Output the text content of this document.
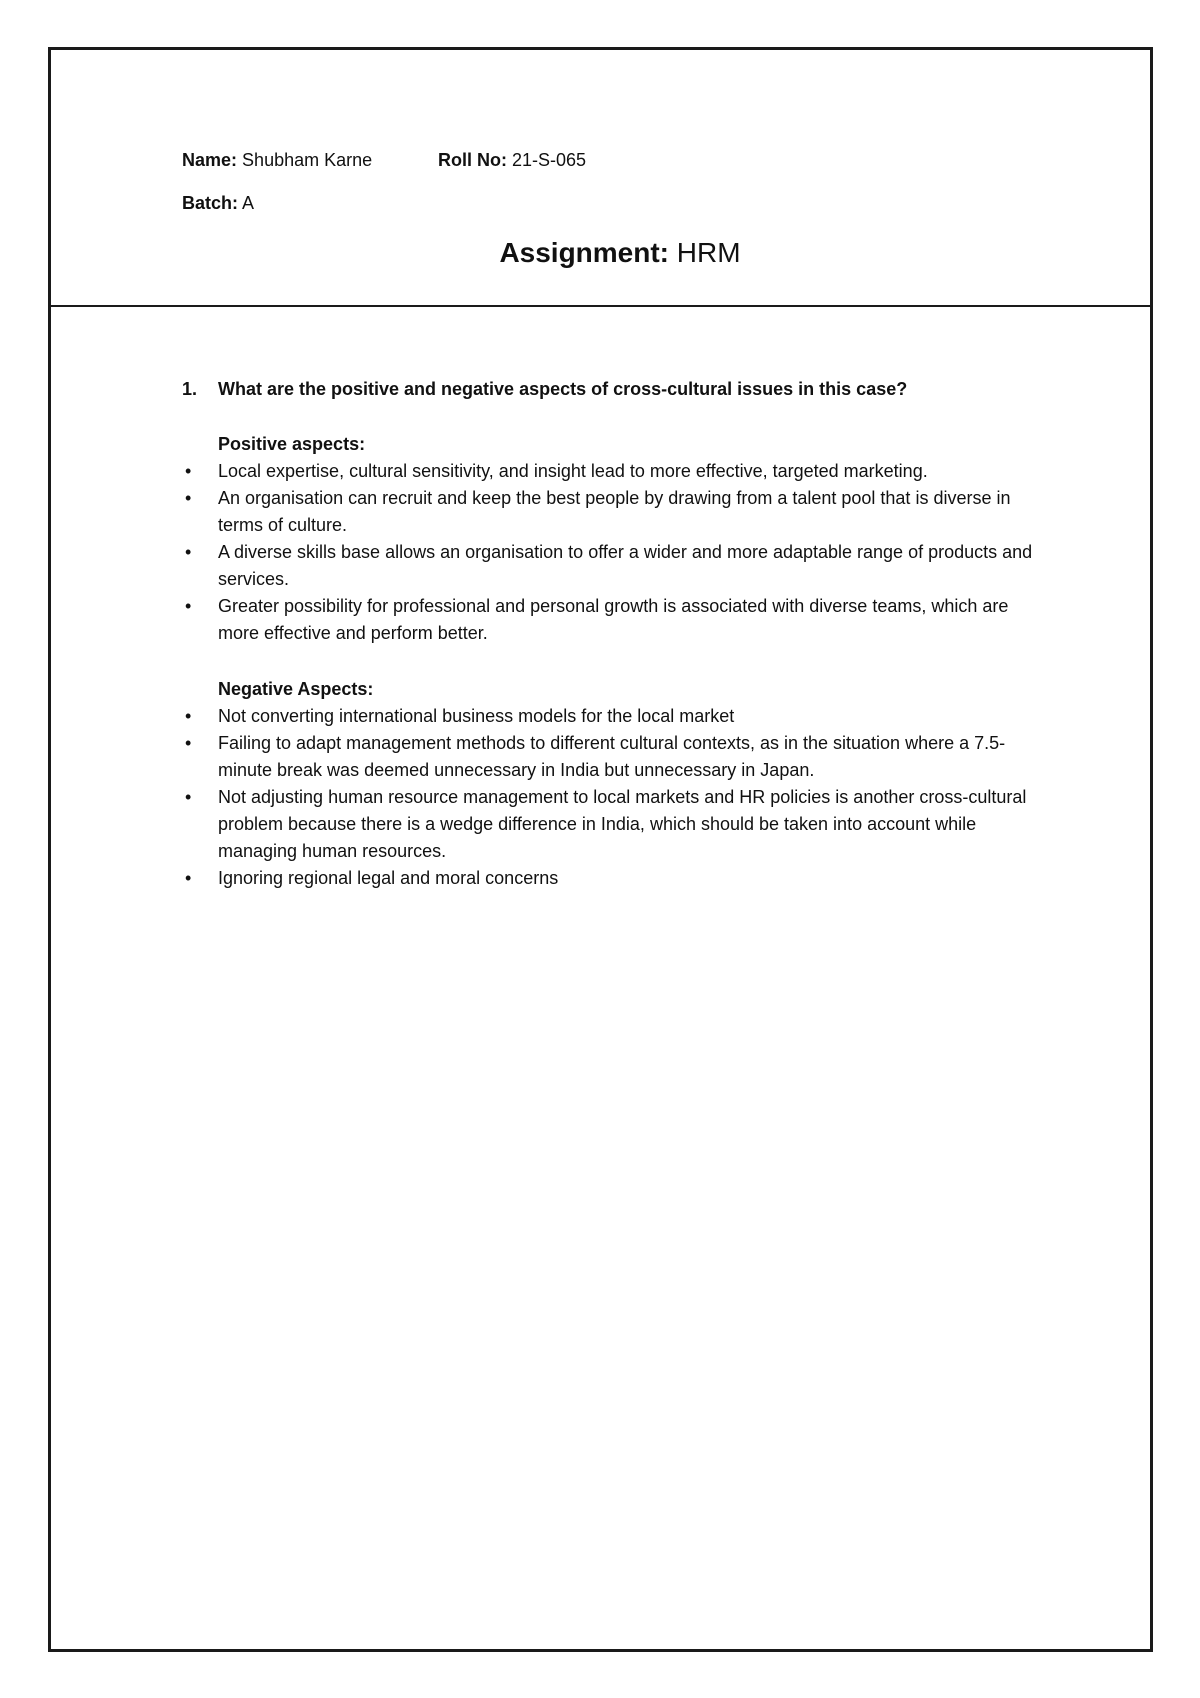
Name: Shubham Karne	Roll No: 21-S-065
Batch: A
Assignment: HRM
1. What are the positive and negative aspects of cross-cultural issues in this case?
Positive aspects:
• Local expertise, cultural sensitivity, and insight lead to more effective, targeted marketing.
• An organisation can recruit and keep the best people by drawing from a talent pool that is diverse in terms of culture.
• A diverse skills base allows an organisation to offer a wider and more adaptable range of products and services.
• Greater possibility for professional and personal growth is associated with diverse teams, which are more effective and perform better.
Negative Aspects:
• Not converting international business models for the local market
• Failing to adapt management methods to different cultural contexts, as in the situation where a 7.5-minute break was deemed unnecessary in India but unnecessary in Japan.
• Not adjusting human resource management to local markets and HR policies is another cross-cultural problem because there is a wedge difference in India, which should be taken into account while managing human resources.
• Ignoring regional legal and moral concerns
